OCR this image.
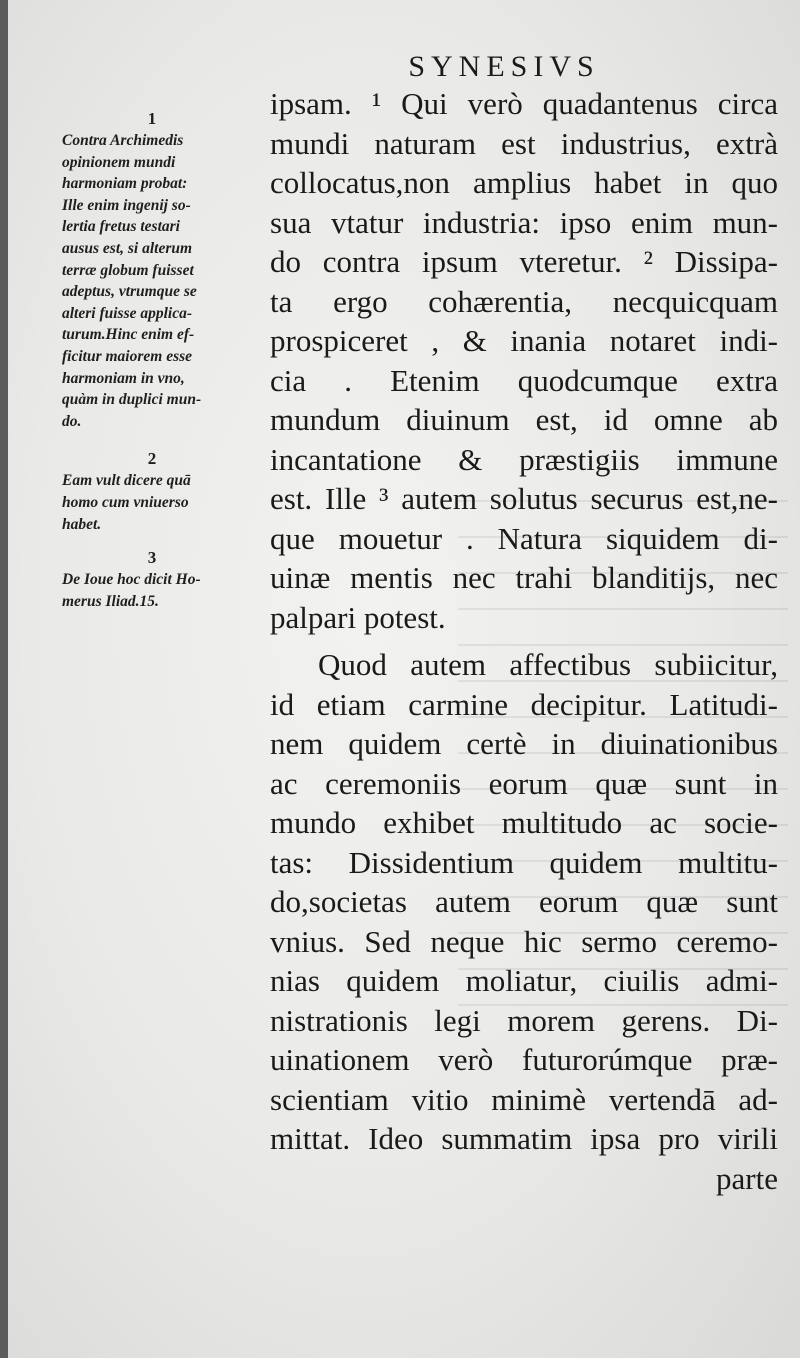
SYNESIVS
1
Contra Archimedis
opinionem mundi
harmoniam probat:
Ille enim ingenij so-
lertia fretus testari
ausus est, si alterum
terræ globum fuisset
adeptus, vtrumque se
alteri fuisse applica-
turum.Hinc enim ef-
ficitur maiorem esse
harmoniam in vno,
quàm in duplici mun-
do.
2
Eam vult dicere quā
homo cum vniuerso
habet.
3
De Ioue hoc dicit Ho-
merus Iliad.15.
ipsam. ¹ Qui verò quadantenus circa
mundi naturam est industrius, extrà
collocatus,non amplius habet in quo
sua vtatur industria: ipso enim mun-
do contra ipsum vteretur. ² Dissipa-
ta ergo cohærentia, necquicquam
prospiceret , & inania notaret indi-
cia . Etenim quodcumque extra
mundum diuinum est, id omne ab
incantatione & præstigiis immune
est. Ille ³ autem solutus securus est,ne-
que mouetur . Natura siquidem di-
uinæ mentis nec trahi blanditijs, nec
palpari potest.
Quod autem affectibus subiicitur,
id etiam carmine decipitur. Latitudi-
nem quidem certè in diuinationibus
ac ceremoniis eorum quæ sunt in
mundo exhibet multitudo ac socie-
tas: Dissidentium quidem multitu-
do,societas autem eorum quæ sunt
vnius. Sed neque hic sermo ceremo-
nias quidem moliatur, ciuilis admi-
nistrationis legi morem gerens. Di-
uinationem verò futurorúmque præ-
scientiam vitio minimè vertendā ad-
mittat. Ideo summatim ipsa pro virili
parte
